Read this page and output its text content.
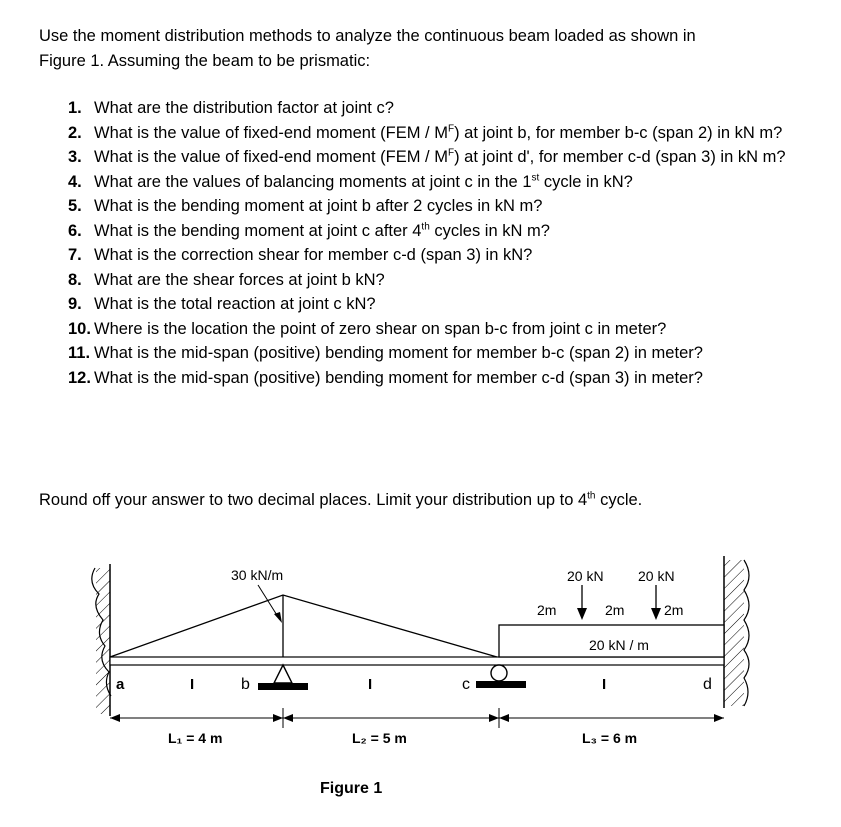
Use the moment distribution methods to analyze the continuous beam loaded as shown in
Figure 1. Assuming the beam to be prismatic:
1. What are the distribution factor at joint c?
2. What is the value of fixed-end moment $(FEM / M^F)$ at joint b, for member b-c (span 2) in kN m?
3. What is the value of fixed-end moment $(FEM / M^F)$ at joint d', for member c-d (span 3) in kN m?
4. What are the values of balancing moments at joint c in the 1st cycle in kN?
5. What is the bending moment at joint b after 2 cycles in kN m?
6. What is the bending moment at joint c after 4th cycles in kN m?
7. What is the correction shear for member c-d (span 3) in kN?
8. What are the shear forces at joint b kN?
9. What is the total reaction at joint c kN?
10. Where is the location the point of zero shear on span b-c from joint c in meter?
11. What is the mid-span (positive) bending moment for member b-c (span 2) in meter?
12. What is the mid-span (positive) bending moment for member c-d (span 3) in meter?
Round off your answer to two decimal places. Limit your distribution up to 4th cycle.
30 kN/m
20 kN / m
20 kN 20 kN
2m	2m	2m
a	I	b	I	c	I	d
L₁ = 4 m	L₂ = 5 m	L₃ = 6 m
Figure 1
